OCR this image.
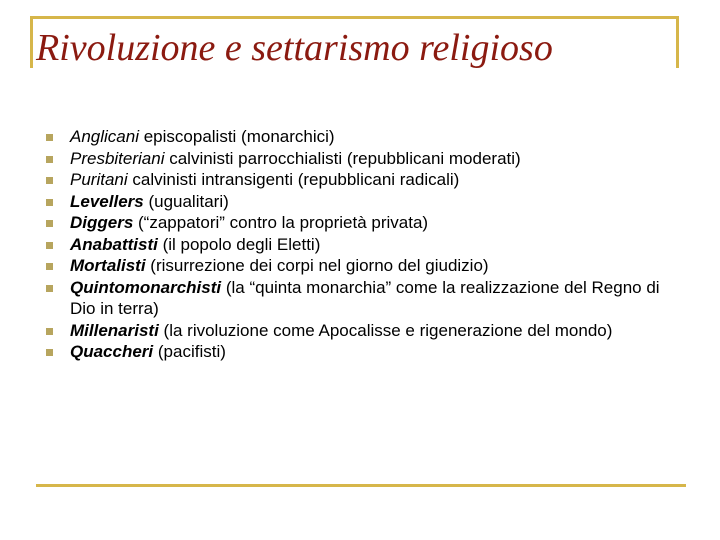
Rivoluzione e settarismo religioso
Anglicani episcopalisti (monarchici)
Presbiteriani calvinisti parrocchialisti (repubblicani moderati)
Puritani calvinisti intransigenti (repubblicani radicali)
Levellers (ugualitari)
Diggers (“zappatori” contro la proprietà privata)
Anabattisti (il popolo degli Eletti)
Mortalisti (risurrezione dei corpi nel giorno del giudizio)
Quintomonarchisti (la “quinta monarchia” come la realizzazione del Regno di Dio in terra)
Millenaristi (la rivoluzione come Apocalisse e rigenerazione del mondo)
Quaccheri (pacifisti)
